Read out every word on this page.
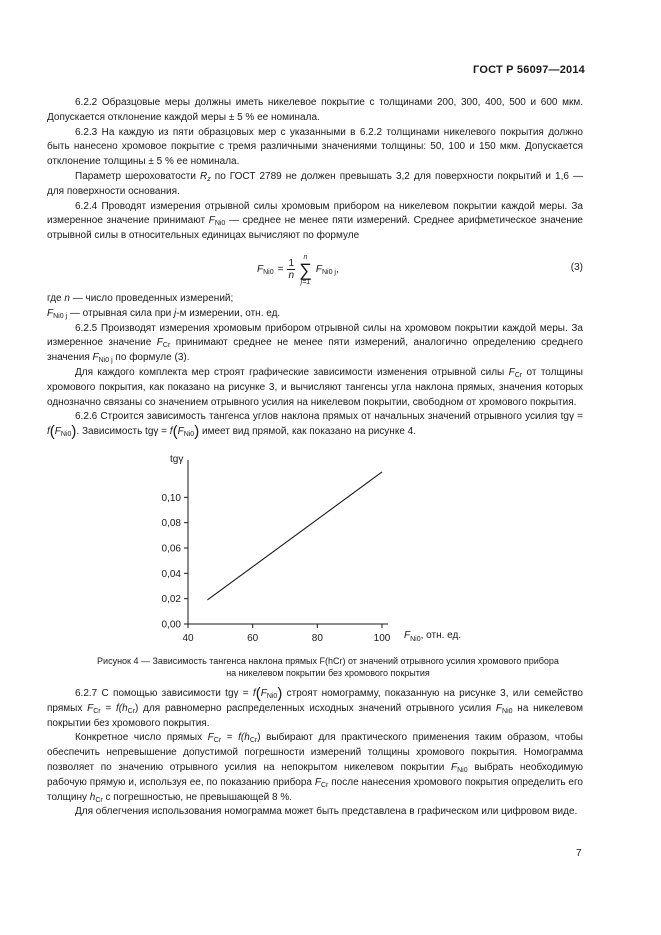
ГОСТ Р 56097—2014

6.2.2 Образцовые меры должны иметь никелевое покрытие с толщинами 200, 300, 400, 500 и 600 мкм. Допускается отклонение каждой меры ± 5 % ее номинала.

6.2.3 На каждую из пяти образцовых мер с указанными в 6.2.2 толщинами никелевого покрытия должно быть нанесено хромовое покрытие с тремя различными значениями толщины: 50, 100 и 150 мкм. Допускается отклонение толщины ± 5 % ее номинала.

Параметр шероховатости $R_z$ по ГОСТ 2789 не должен превышать 3,2 для поверхности покрытий и 1,6 — для поверхности основания.

6.2.4 Проводят измерения отрывной силы хромовым прибором на никелевом покрытии каждой меры. За измеренное значение принимают $F_{Ni0}$ — среднее не менее пяти измерений. Среднее арифметическое значение отрывной силы в относительных единицах вычисляют по формуле

$F_{Ni0} = \frac{1}{n}$
n
∑
j=1
$F_{Ni0 j}$,	(3)

где n — число проведенных измерений;

$F_{Ni0 j}$ — отрывная сила при j-м измерении, отн. ед.

6.2.5 Производят измерения хромовым прибором отрывной силы на хромовом покрытии каждой меры. За измеренное значение $F_{Cr}$ принимают среднее не менее пяти измерений, аналогично определению среднего значения $F_{Ni0 j}$ по формуле (3).

Для каждого комплекта мер строят графические зависимости изменения отрывной силы $F_{Cr}$ от толщины хромового покрытия, как показано на рисунке 3, и вычисляют тангенсы угла наклона прямых, значения которых однозначно связаны со значением отрывного усилия на никелевом покрытии, свободном от хромового покрытия.

6.2.6 Строится зависимость тангенса углов наклона прямых от начальных значений отрывного усилия $tg\gamma = f(F_{Ni0})$. Зависимость $tg\gamma = f(F_{Ni0})$ имеет вид прямой, как показано на рисунке 4.

0,00
0,02
0,04
0,06
0,08
0,10
40	60	80	100
tgγ
$F_{Ni0}$, отн. ед.
Рисунок 4 — Зависимость тангенса наклона прямых F(hCr) от значений отрывного усилия хромового прибора
на никелевом покрытии без хромового покрытия

6.2.7 С помощью зависимости $tg\gamma = f(F_{Ni0})$ строят номограмму, показанную на рисунке 3, или семейство прямых $F_{Cr} = f(h_{Cr})$ для равномерно распределенных исходных значений отрывного усилия $F_{Ni0}$ на никелевом покрытии без хромового покрытия.

Конкретное число прямых $F_{Cr} = f(h_{Cr})$ выбирают для практического применения таким образом, чтобы обеспечить непревышение допустимой погрешности измерений толщины хромового покрытия. Номограмма позволяет по значению отрывного усилия на непокрытом никелевом покрытии $F_{Ni0}$ выбрать необходимую рабочую прямую и, используя ее, по показанию прибора $F_{Cr}$ после нанесения хромового покрытия определить его толщину $h_{Cr}$ с погрешностью, не превышающей 8 %.

Для облегчения использования номограмма может быть представлена в графическом или цифровом виде.

7
